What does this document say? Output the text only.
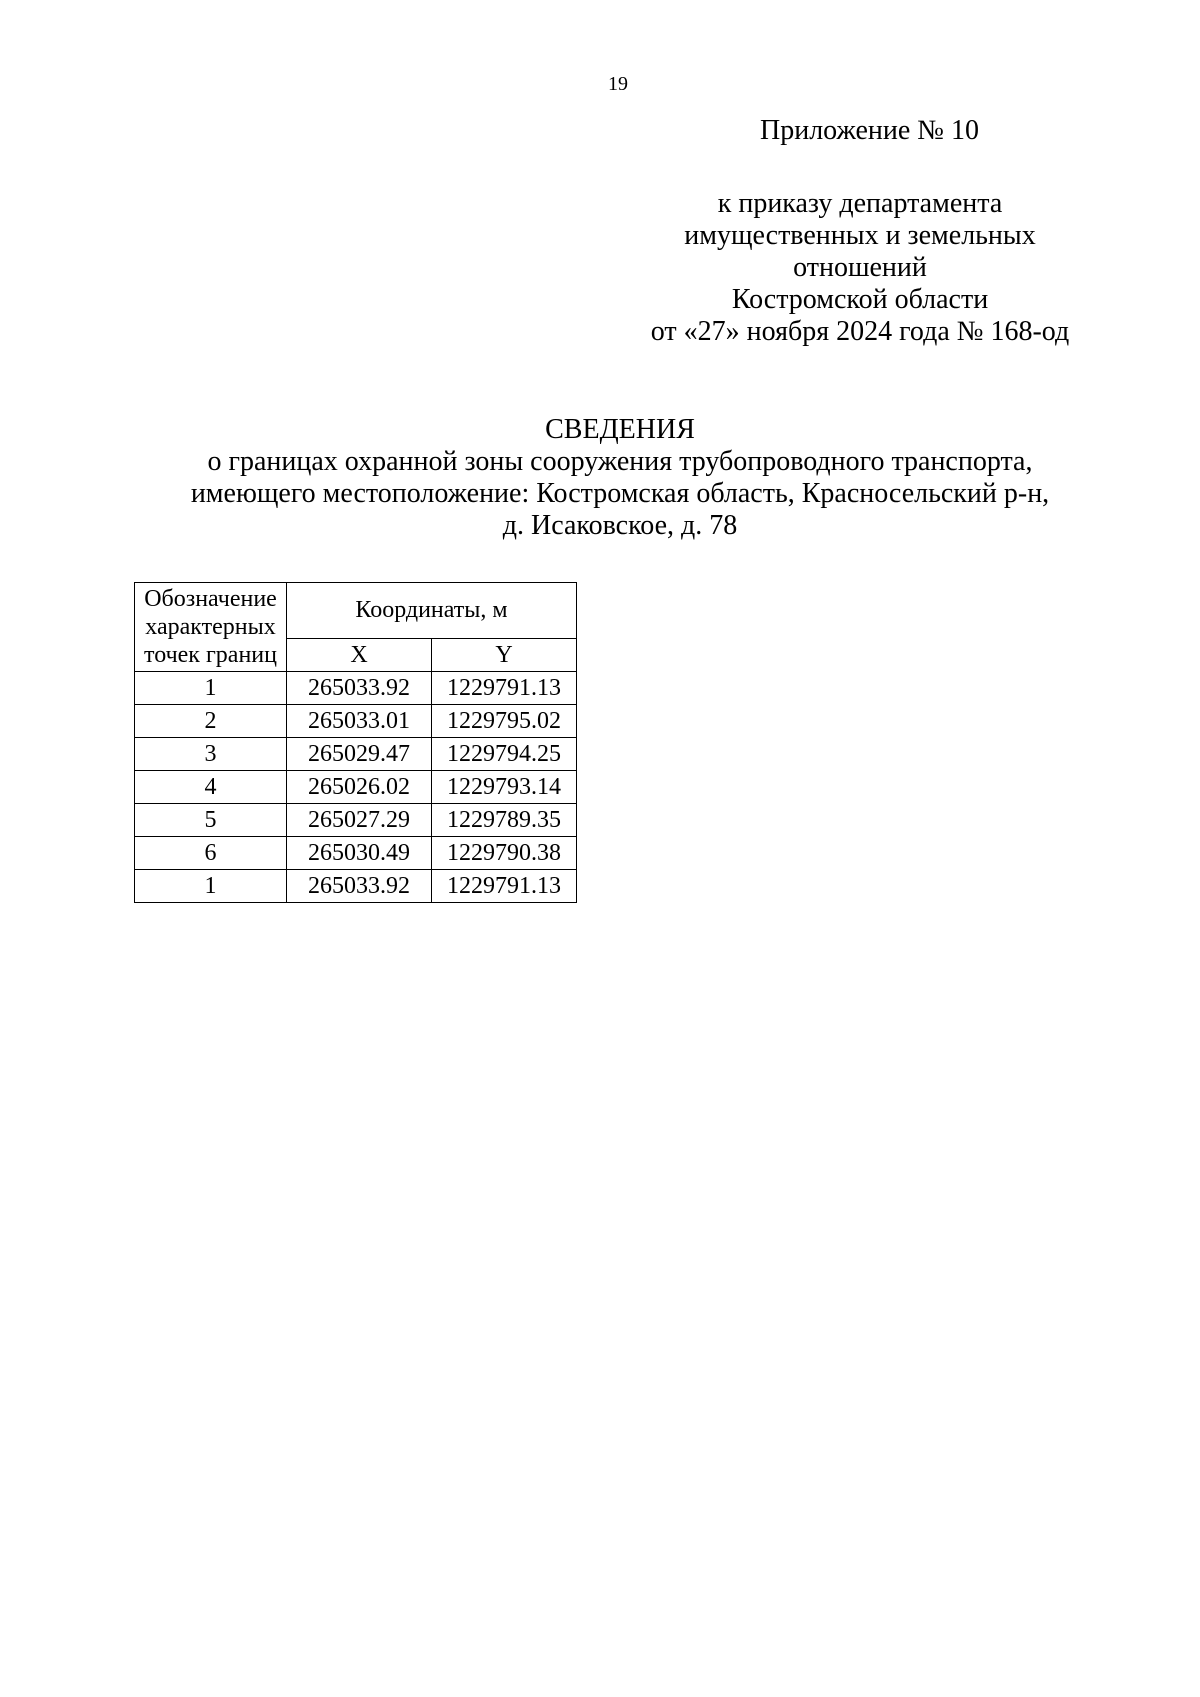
19
Приложение № 10
к приказу департамента
имущественных и земельных
отношений
Костромской области
от «27» ноября 2024 года № 168-од
СВЕДЕНИЯ
о границах охранной зоны сооружения трубопроводного транспорта,
имеющего местоположение: Костромская область, Красносельский р-н,
д. Исаковское, д. 78
Обозначение
характерных
точек границ	Координаты, м	
	X	Y
1	265033.92	1229791.13
2	265033.01	1229795.02
3	265029.47	1229794.25
4	265026.02	1229793.14
5	265027.29	1229789.35
6	265030.49	1229790.38
1	265033.92	1229791.13
